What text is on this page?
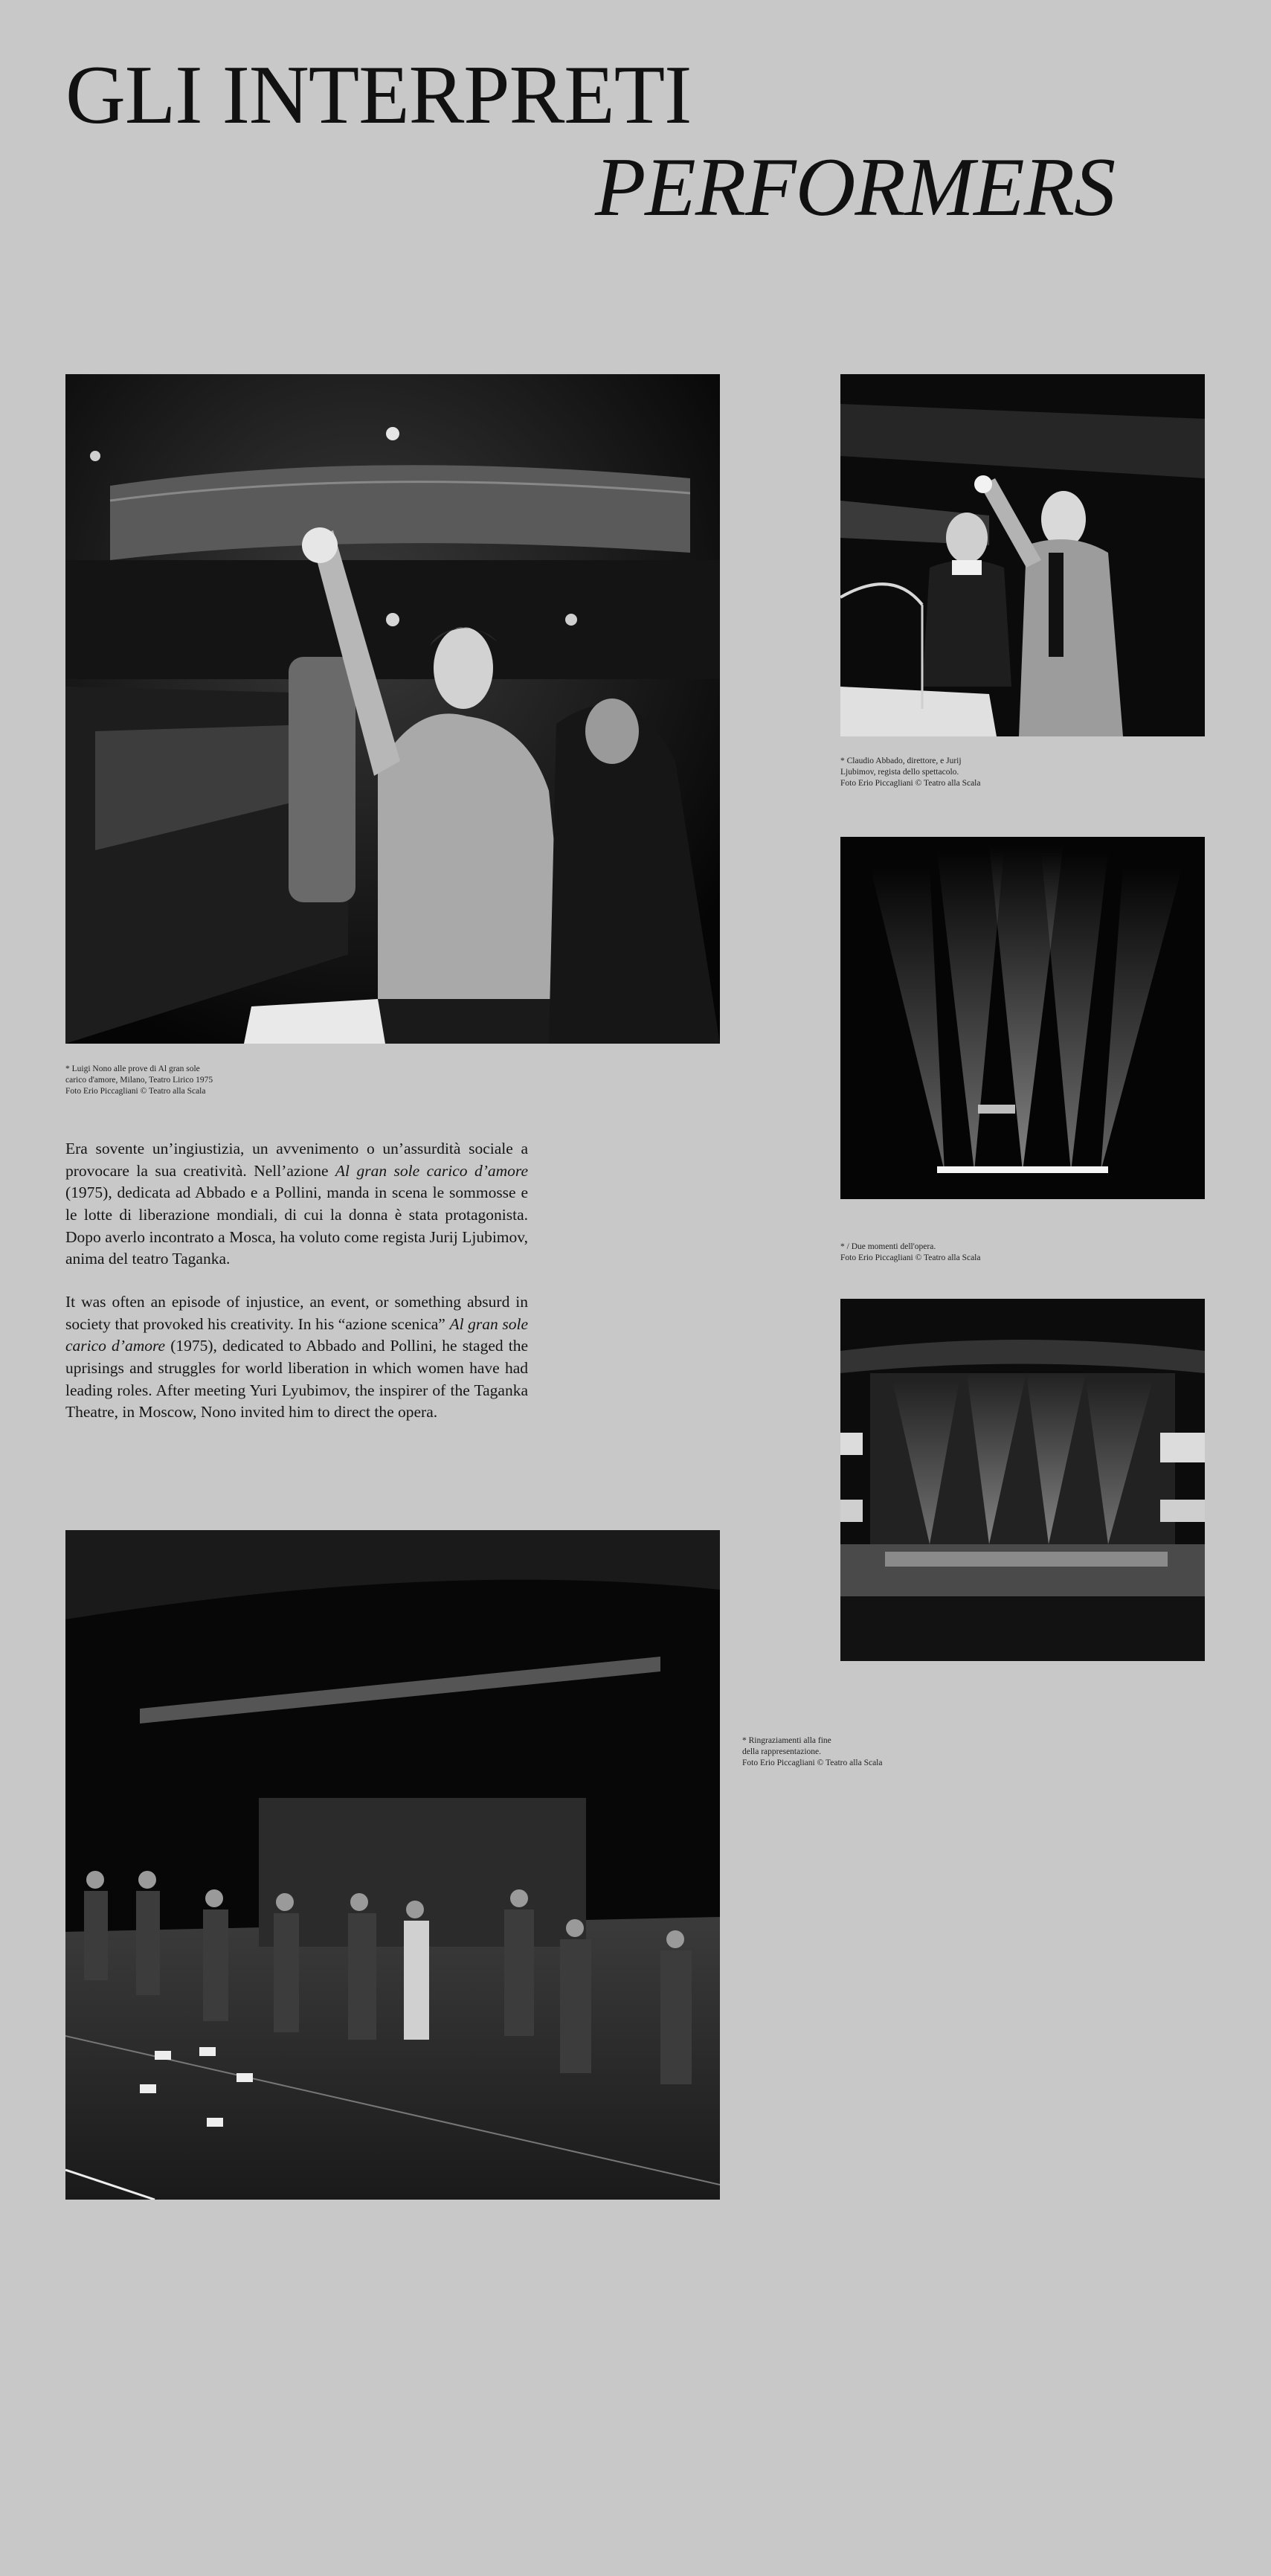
GLI INTERPRETI
PERFORMERS
* Luigi Nono alle prove di Al gran sole
carico d'amore, Milano, Teatro Lirico 1975
Foto Erio Piccagliani © Teatro alla Scala
* Claudio Abbado, direttore, e Jurij
Ljubimov, regista dello spettacolo.
Foto Erio Piccagliani © Teatro alla Scala
* / Due momenti dell'opera.
Foto Erio Piccagliani © Teatro alla Scala

Era sovente un’ingiustizia, un avvenimento o un’assurdità sociale a provocare la sua creatività. Nell’azione Al gran sole carico d’amore (1975), dedicata ad Abbado e a Pollini, manda in scena le sommosse e le lotte di liberazione mondiali, di cui la donna è stata protagonista. Dopo averlo incontrato a Mosca, ha voluto come regista Jurij Ljubimov, anima del teatro Taganka.

It was often an episode of injustice, an event, or something absurd in society that provoked his creativity. In his “azione scenica” Al gran sole carico d’amore (1975), dedicated to Abbado and Pollini, he staged the uprisings and struggles for world liberation in which women have had leading roles. After meeting Yuri Lyubimov, the inspirer of the Taganka Theatre, in Moscow, Nono invited him to direct the opera.

* Ringraziamenti alla fine
della rappresentazione.
Foto Erio Piccagliani © Teatro alla Scala
